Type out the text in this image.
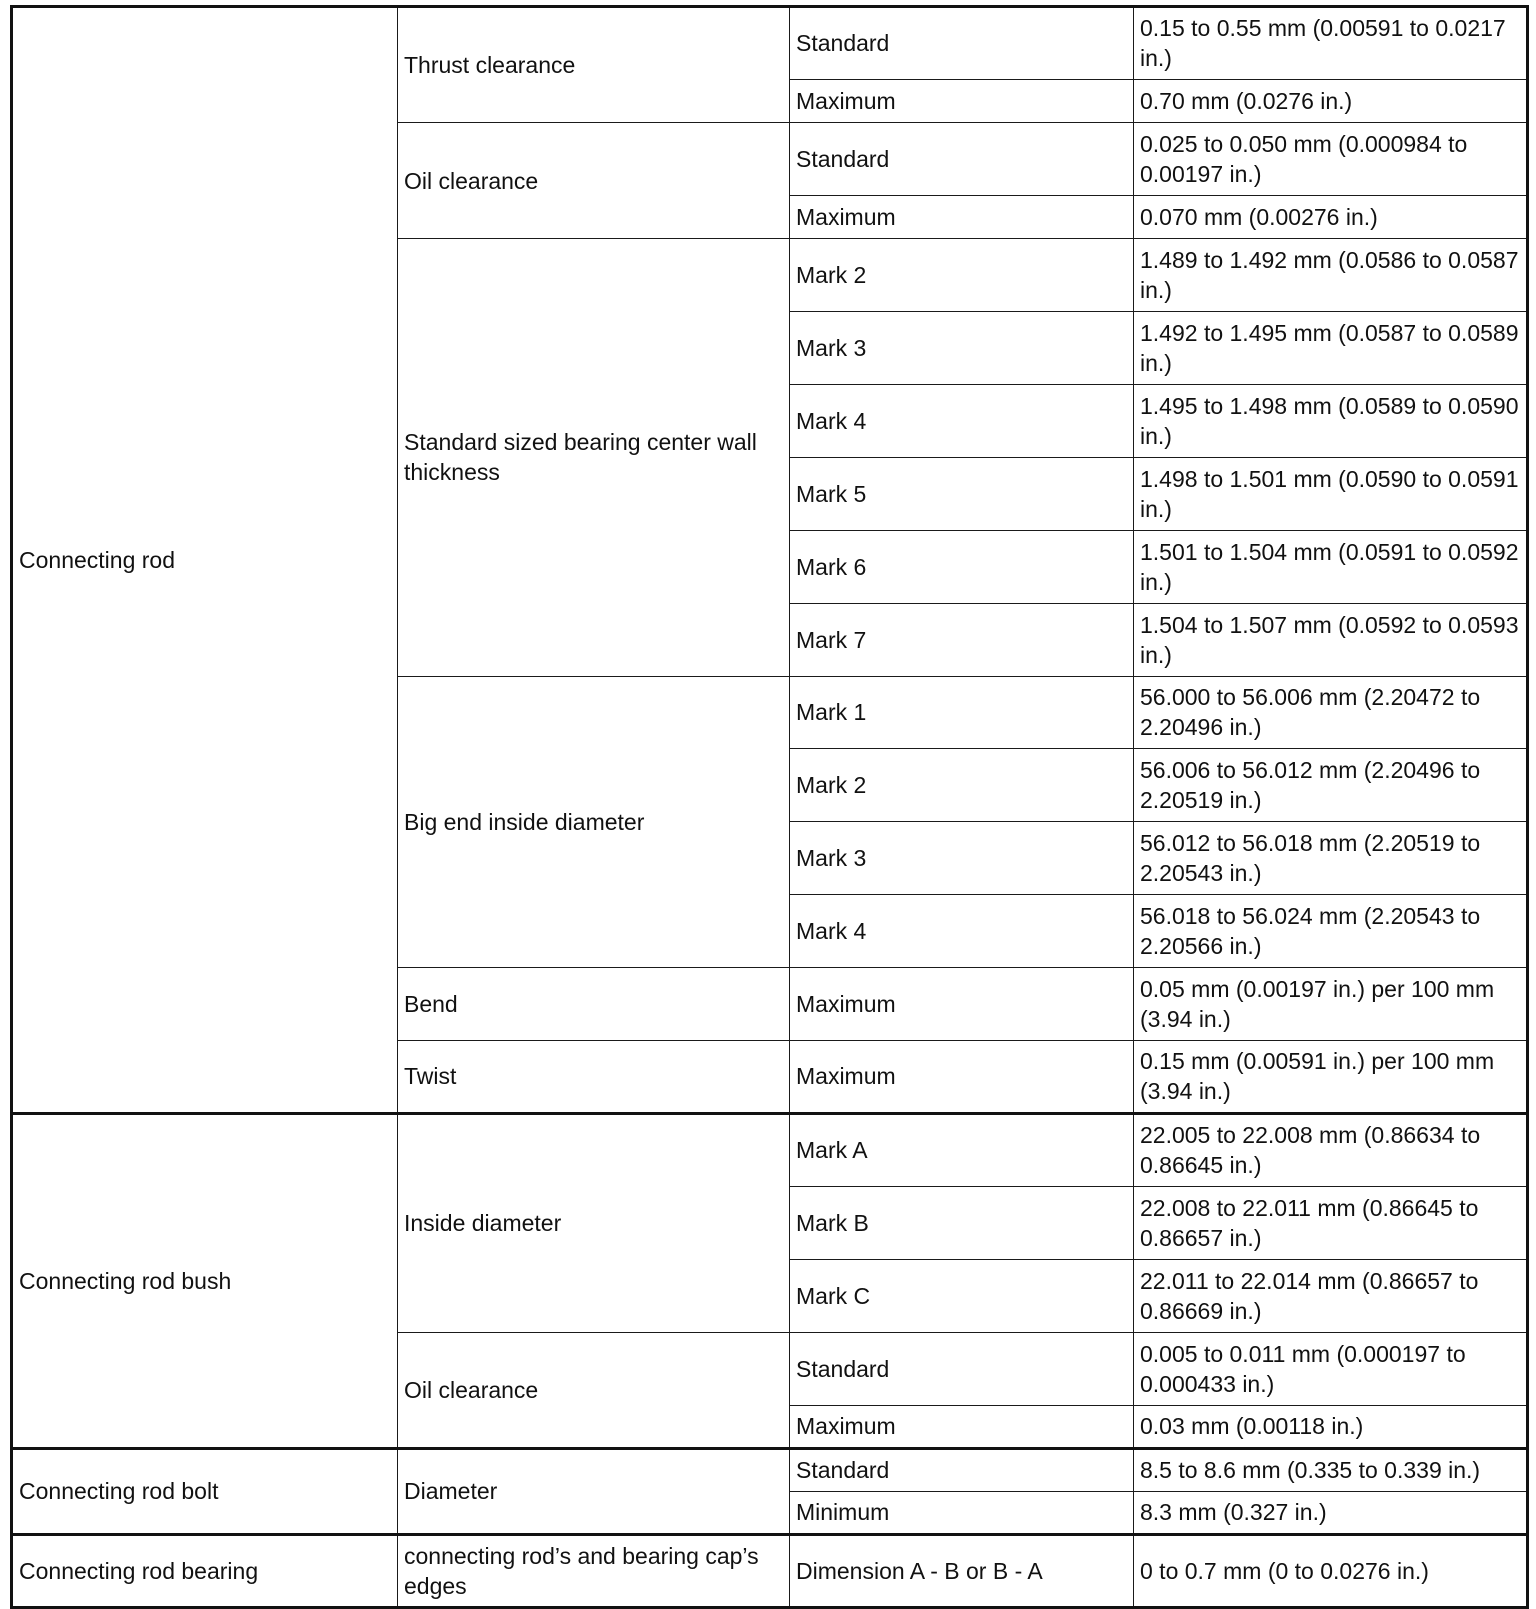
Connecting rod	Thrust clearance	Standard	0.15 to 0.55 mm (0.00591 to 0.0217 in.)
		Maximum	0.70 mm (0.0276 in.)
	Oil clearance	Standard	0.025 to 0.050 mm (0.000984 to 0.00197 in.)
		Maximum	0.070 mm (0.00276 in.)
	Standard sized bearing center wall thickness	Mark 2	1.489 to 1.492 mm (0.0586 to 0.0587 in.)
		Mark 3	1.492 to 1.495 mm (0.0587 to 0.0589 in.)
		Mark 4	1.495 to 1.498 mm (0.0589 to 0.0590 in.)
		Mark 5	1.498 to 1.501 mm (0.0590 to 0.0591 in.)
		Mark 6	1.501 to 1.504 mm (0.0591 to 0.0592 in.)
		Mark 7	1.504 to 1.507 mm (0.0592 to 0.0593 in.)
	Big end inside diameter	Mark 1	56.000 to 56.006 mm (2.20472 to 2.20496 in.)
		Mark 2	56.006 to 56.012 mm (2.20496 to 2.20519 in.)
		Mark 3	56.012 to 56.018 mm (2.20519 to 2.20543 in.)
		Mark 4	56.018 to 56.024 mm (2.20543 to 2.20566 in.)
	Bend	Maximum	0.05 mm (0.00197 in.) per 100 mm (3.94 in.)
	Twist	Maximum	0.15 mm (0.00591 in.) per 100 mm (3.94 in.)
Connecting rod bush	Inside diameter	Mark A	22.005 to 22.008 mm (0.86634 to 0.86645 in.)
		Mark B	22.008 to 22.011 mm (0.86645 to 0.86657 in.)
		Mark C	22.011 to 22.014 mm (0.86657 to 0.86669 in.)
	Oil clearance	Standard	0.005 to 0.011 mm (0.000197 to 0.000433 in.)
		Maximum	0.03 mm (0.00118 in.)
Connecting rod bolt	Diameter	Standard	8.5 to 8.6 mm (0.335 to 0.339 in.)
		Minimum	8.3 mm (0.327 in.)
Connecting rod bearing	connecting rod’s and bearing cap’s edges	Dimension A - B or B - A	0 to 0.7 mm (0 to 0.0276 in.)
